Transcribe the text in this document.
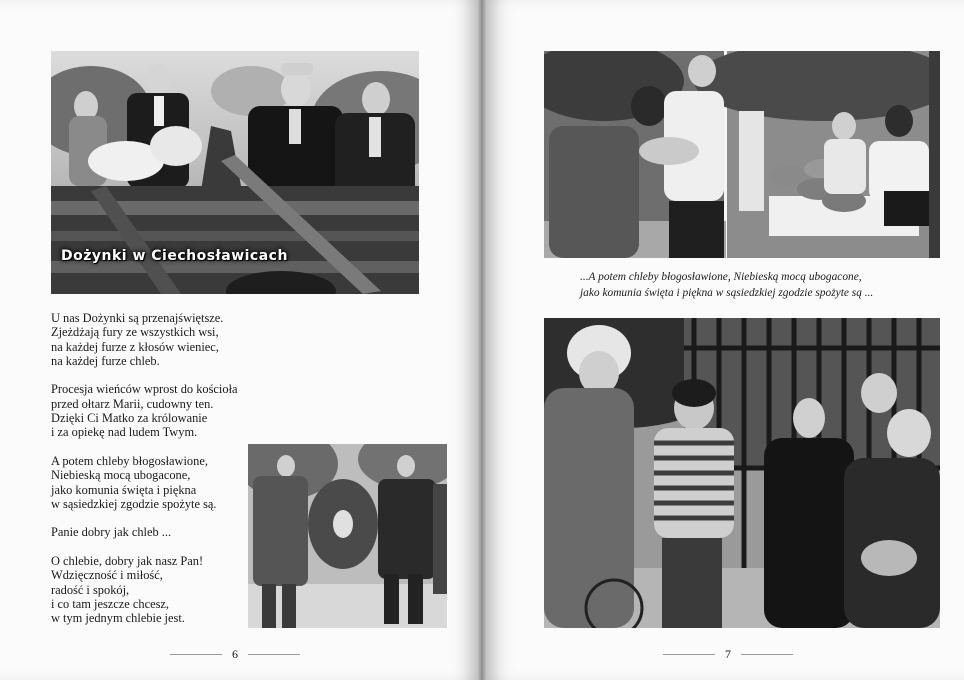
Dożynki w Ciechosławicach
U nas Dożynki są przenajświętsze.
Zjeżdżają fury ze wszystkich wsi,
na każdej furze z kłosów wieniec,
na każdej furze chleb.
Procesja wieńców wprost do kościoła
przed ołtarz Marii, cudowny ten.
Dzięki Ci Matko za królowanie
i za opiekę nad ludem Twym.
A potem chleby błogosławione,
Niebieską mocą ubogacone,
jako komunia święta i piękna
w sąsiedzkiej zgodzie spożyte są.
Panie dobry jak chleb ...
O chlebie, dobry jak nasz Pan!
Wdzięczność i miłość,
radość i spokój,
i co tam jeszcze chcesz,
w tym jednym chlebie jest.
6
...A potem chleby błogosławione, Niebieską mocą ubogacone,
jako komunia święta i piękna w sąsiedzkiej zgodzie spożyte są ...
7
